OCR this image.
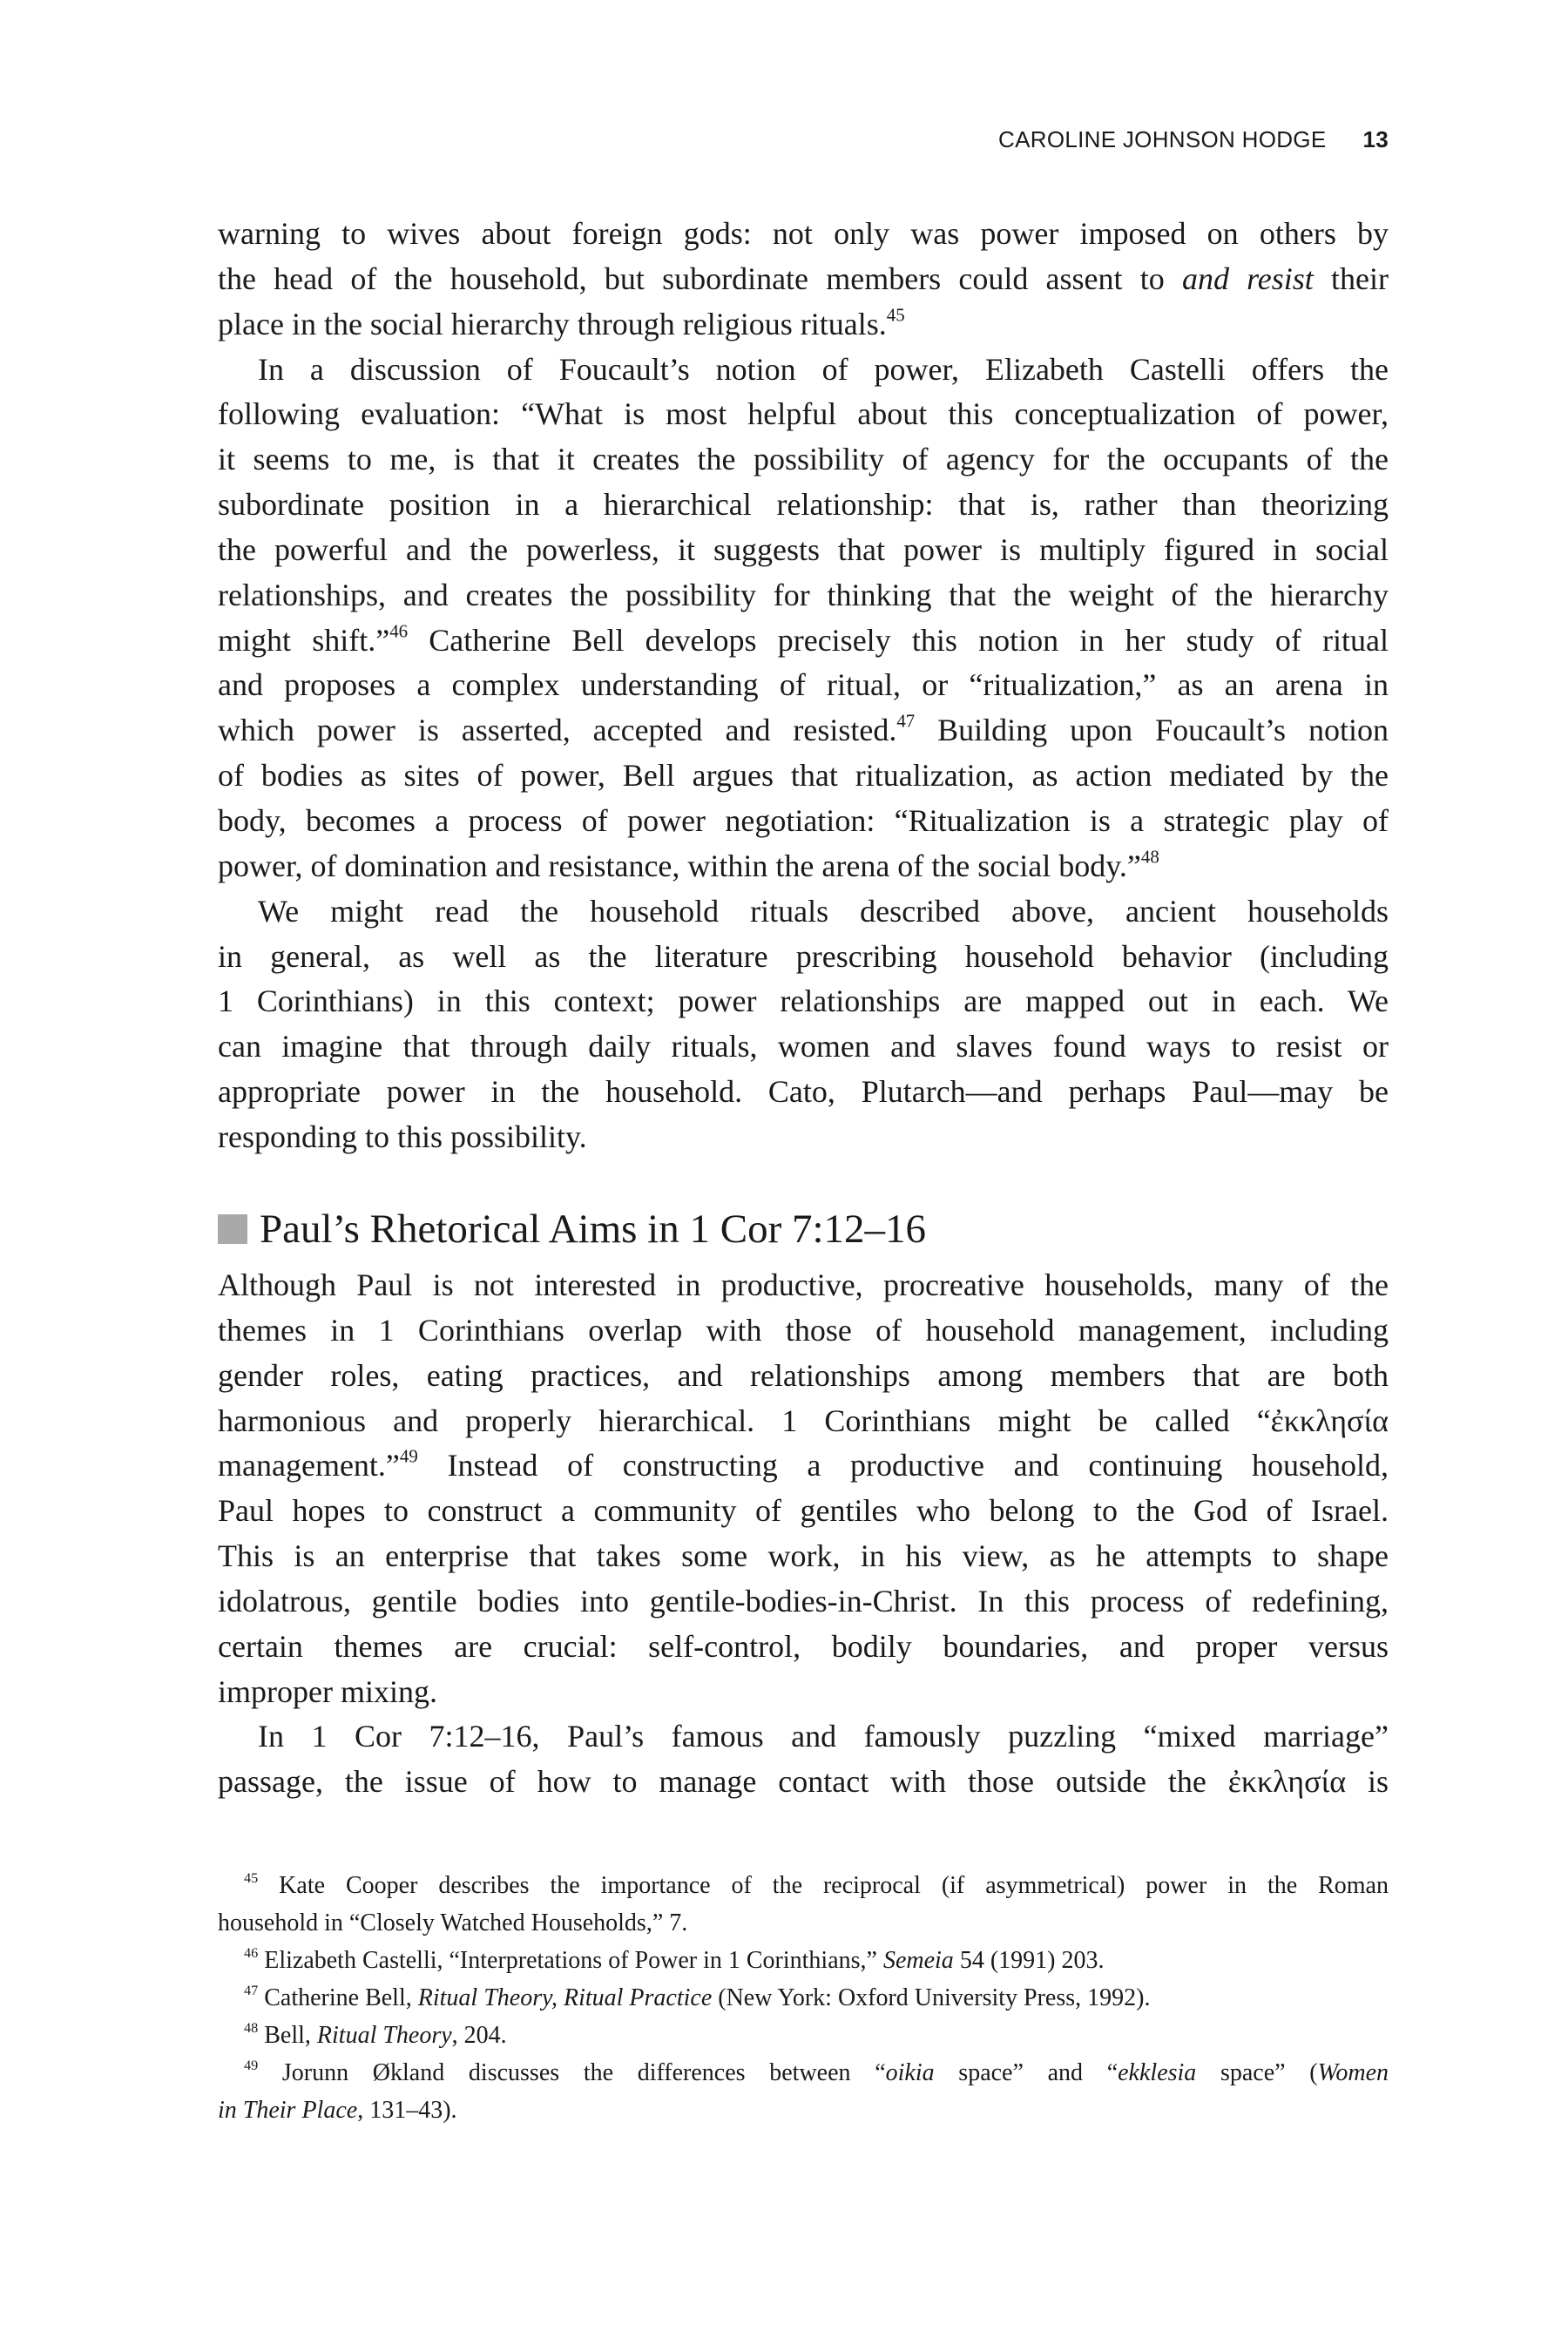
CAROLINE JOHNSON HODGE 13
warning to wives about foreign gods: not only was power imposed on others by
the head of the household, but subordinate members could assent to and resist their
place in the social hierarchy through religious rituals.$^{45}$
In a discussion of Foucault’s notion of power, Elizabeth Castelli offers the
following evaluation: “What is most helpful about this conceptualization of power,
it seems to me, is that it creates the possibility of agency for the occupants of the
subordinate position in a hierarchical relationship: that is, rather than theorizing
the powerful and the powerless, it suggests that power is multiply figured in social
relationships, and creates the possibility for thinking that the weight of the hierarchy
might shift.”$^{46}$ Catherine Bell develops precisely this notion in her study of ritual
and proposes a complex understanding of ritual, or “ritualization,” as an arena in
which power is asserted, accepted and resisted.$^{47}$ Building upon Foucault’s notion
of bodies as sites of power, Bell argues that ritualization, as action mediated by the
body, becomes a process of power negotiation: “Ritualization is a strategic play of
power, of domination and resistance, within the arena of the social body.”$^{48}$
We might read the household rituals described above, ancient households
in general, as well as the literature prescribing household behavior (including
1 Corinthians) in this context; power relationships are mapped out in each. We
can imagine that through daily rituals, women and slaves found ways to resist or
appropriate power in the household. Cato, Plutarch—and perhaps Paul—may be
responding to this possibility.
Paul’s Rhetorical Aims in 1 Cor 7:12–16
Although Paul is not interested in productive, procreative households, many of the
themes in 1 Corinthians overlap with those of household management, including
gender roles, eating practices, and relationships among members that are both
harmonious and properly hierarchical. 1 Corinthians might be called “ἐκκλησία
management.”$^{49}$ Instead of constructing a productive and continuing household,
Paul hopes to construct a community of gentiles who belong to the God of Israel.
This is an enterprise that takes some work, in his view, as he attempts to shape
idolatrous, gentile bodies into gentile-bodies-in-Christ. In this process of redefining,
certain themes are crucial: self-control, bodily boundaries, and proper versus
improper mixing.
In 1 Cor 7:12–16, Paul’s famous and famously puzzling “mixed marriage”
passage, the issue of how to manage contact with those outside the ἐκκλησία is
$^{45}$ Kate Cooper describes the importance of the reciprocal (if asymmetrical) power in the Roman
household in “Closely Watched Households,” 7.
$^{46}$ Elizabeth Castelli, “Interpretations of Power in 1 Corinthians,” Semeia 54 (1991) 203.
$^{47}$ Catherine Bell, Ritual Theory, Ritual Practice (New York: Oxford University Press, 1992).
$^{48}$ Bell, Ritual Theory, 204.
$^{49}$ Jorunn Økland discusses the differences between “oikia space” and “ekklesia space” (Women
in Their Place, 131–43).
